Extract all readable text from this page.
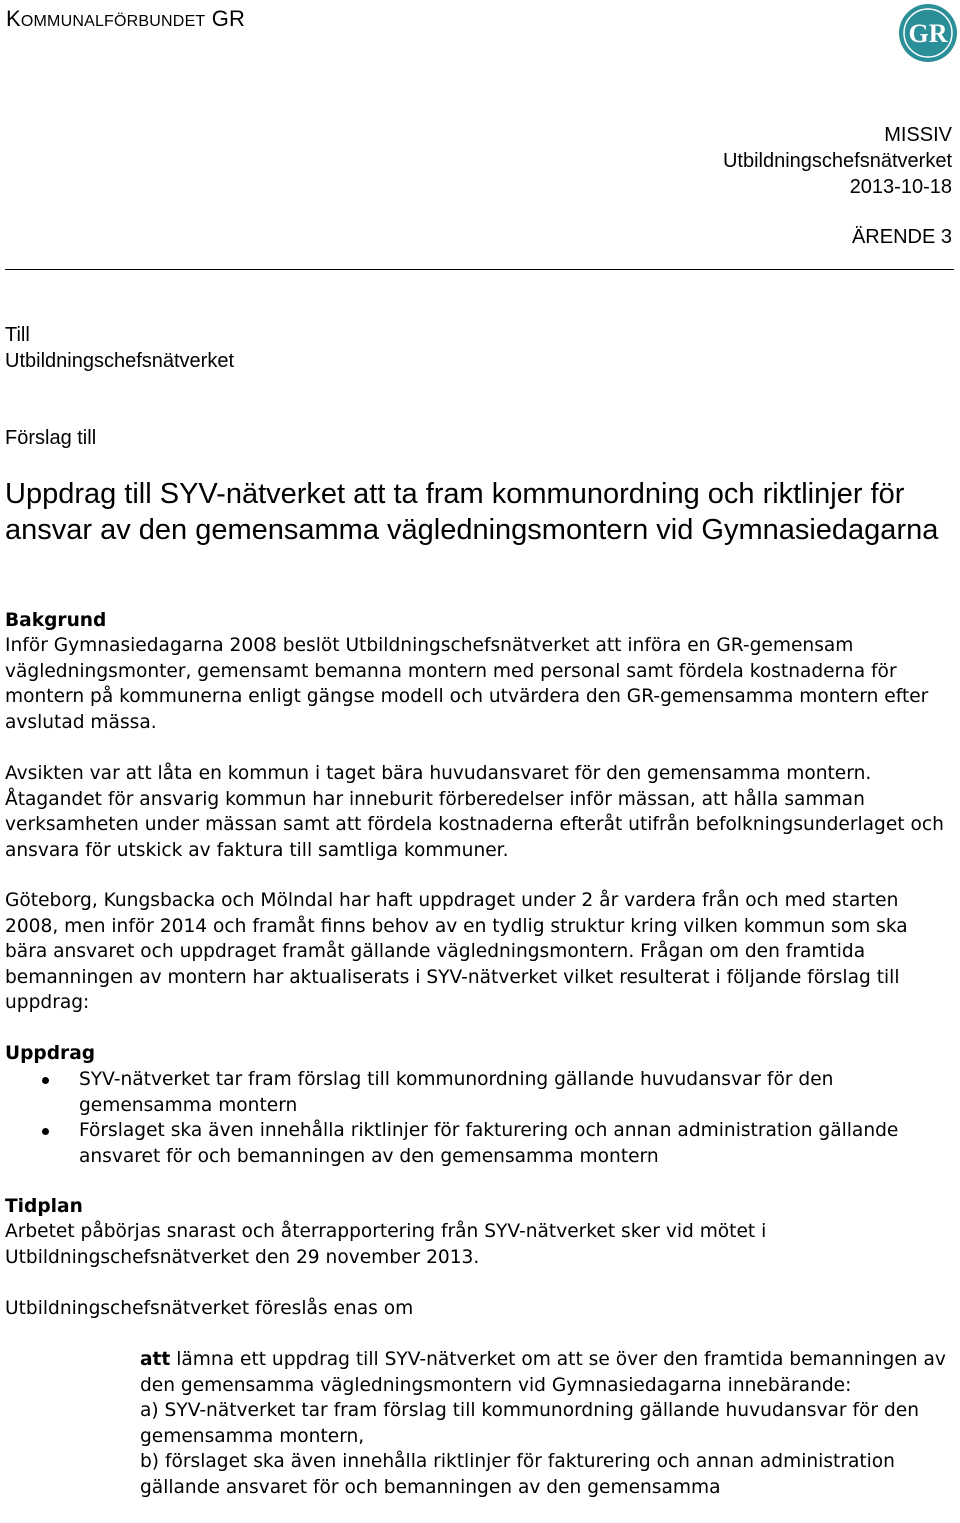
KOMMUNALFÖRBUNDET GR
GR
MISSIV
Utbildningschefsnätverket
2013-10-18
ÄRENDE 3
Till
Utbildningschefsnätverket
Förslag till
Uppdrag till SYV-nätverket att ta fram kommunordning och riktlinjer för ansvar av den gemensamma vägledningsmontern vid Gymnasiedagarna
Bakgrund

Inför Gymnasiedagarna 2008 beslöt Utbildningschefsnätverket att införa en GR-gemensam vägledningsmonter, gemensamt bemanna montern med personal samt fördela kostnaderna för montern på kommunerna enligt gängse modell och utvärdera den GR-gemensamma montern efter avslutad mässa.

Avsikten var att låta en kommun i taget bära huvudansvaret för den gemensamma montern. Åtagandet för ansvarig kommun har inneburit förberedelser inför mässan, att hålla samman verksamheten under mässan samt att fördela kostnaderna efteråt utifrån befolkningsunderlaget och ansvara för utskick av faktura till samtliga kommuner.

Göteborg, Kungsbacka och Mölndal har haft uppdraget under 2 år vardera från och med starten 2008, men inför 2014 och framåt finns behov av en tydlig struktur kring vilken kommun som ska bära ansvaret och uppdraget framåt gällande vägledningsmontern. Frågan om den framtida bemanningen av montern har aktualiserats i SYV-nätverket vilket resulterat i följande förslag till uppdrag:

Uppdrag
SYV-nätverket tar fram förslag till kommunordning gällande huvudansvar för den gemensamma montern
Förslaget ska även innehålla riktlinjer för fakturering och annan administration gällande ansvaret för och bemanningen av den gemensamma montern
Tidplan

Arbetet påbörjas snarast och återrapportering från SYV-nätverket sker vid mötet i Utbildningschefsnätverket den 29 november 2013.

Utbildningschefsnätverket föreslås enas om

att lämna ett uppdrag till SYV-nätverket om att se över den framtida bemanningen av den gemensamma vägledningsmontern vid Gymnasiedagarna innebärande:
a) SYV-nätverket tar fram förslag till kommunordning gällande huvudansvar för den gemensamma montern,
b) förslaget ska även innehålla riktlinjer för fakturering och annan administration gällande ansvaret för och bemanningen av den gemensamma
